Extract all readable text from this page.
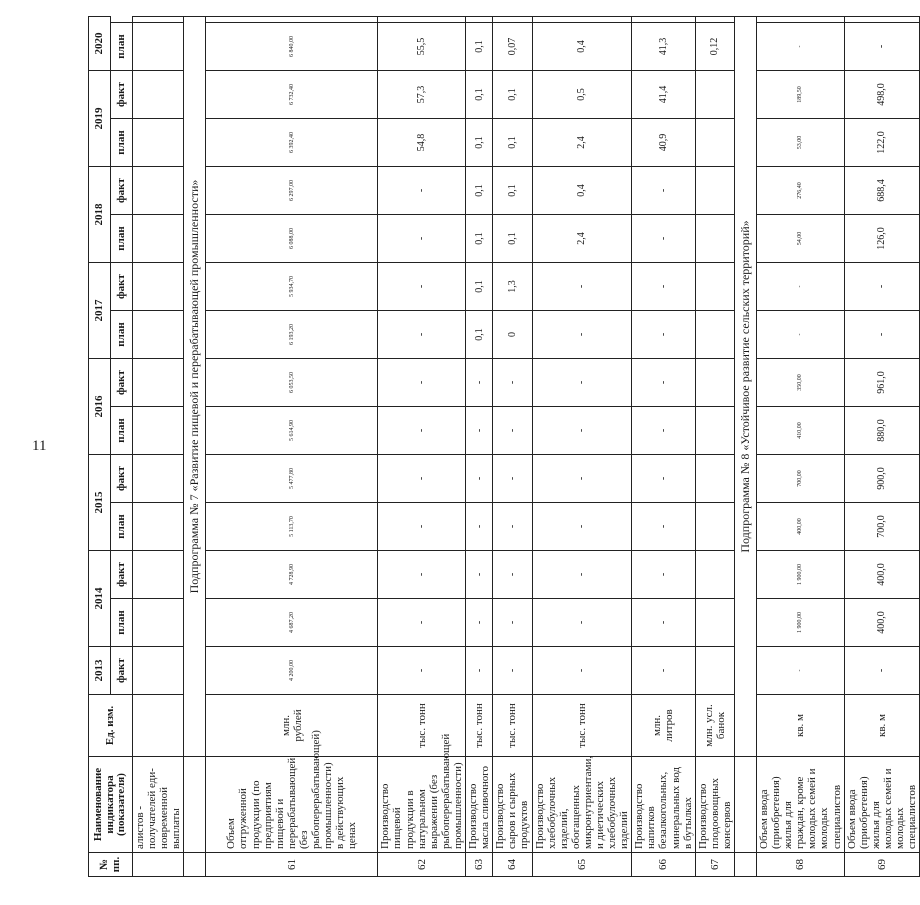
11
№ пп.	Наименование индикатора (показателя)	Ед. изм.	2013	2014		2015		2016		2017		2018		2019		2020	
			факт	план	факт	план	факт	план	факт	план	факт	план	факт	план	факт	план	
	алистов - получателей еди-новременной выплаты																
		Подпрограмма № 7 «Развитие пищевой и перерабатывающей промышленности»															
61	Объем отгруженной продукции (по предприятиям пищевой и перерабатывающей (без рыбоперерабатывающей) промышленности) в действующих ценах	млн. рублей	4 200,00	4 687,20	4 728,90	5 113,70	5 477,80	5 614,90	6 053,50	6 193,20	5 934,70	6 088,00	6 297,00	6 392,40	6 732,40	6 840,00	
62	Производство пищевой продукции в натуральном выражении (без рыбоперерабатывающей промышленности)	тыс. тонн	-	-	-	-	-	-	-	-	-	-	-	54,8	57,3	55,5	
63	Производство масла сливочного	тыс. тонн	-	-	-	-	-	-	-	0,1	0,1	0,1	0,1	0,1	0,1	0,1	
64	Производство сыров и сырных продуктов	тыс. тонн	-	-	-	-	-	-	-	0	1,3	0,1	0,1	0,1	0,1	0,07	
65	Производство хлебобулочных изделий, обогащенных микронутриентами, и диетических хлебобулочных изделий	тыс. тонн	-	-	-	-	-	-	-	-	-	2,4	0,4	2,4	0,5	0,4	
66	Производство напитков безалкогольных, минеральных вод в бутылках	млн. литров	-	-	-	-	-	-	-	-	-	-	-	40,9	41,4	41,3	
67	Производство плодоовощных консервов	млн. усл. банок														0,12	
		Подпрограмма № 8 «Устойчивое развитие сельских территорий»															
68	Объем ввода (приобретения) жилья для граждан, кроме молодых семей и молодых специалистов	кв. м	-	1 900,00	1 900,00	400,00	700,00	410,00	350,00	-	-	54,00	276,40	53,00	189,50	-	
69	Объем ввода (приобретения) жилья для молодых семей и молодых специалистов	кв. м	-	400,0	400,0	700,0	900,0	880,0	961,0	-	-	126,0	688,4	122,0	498,0	-	
